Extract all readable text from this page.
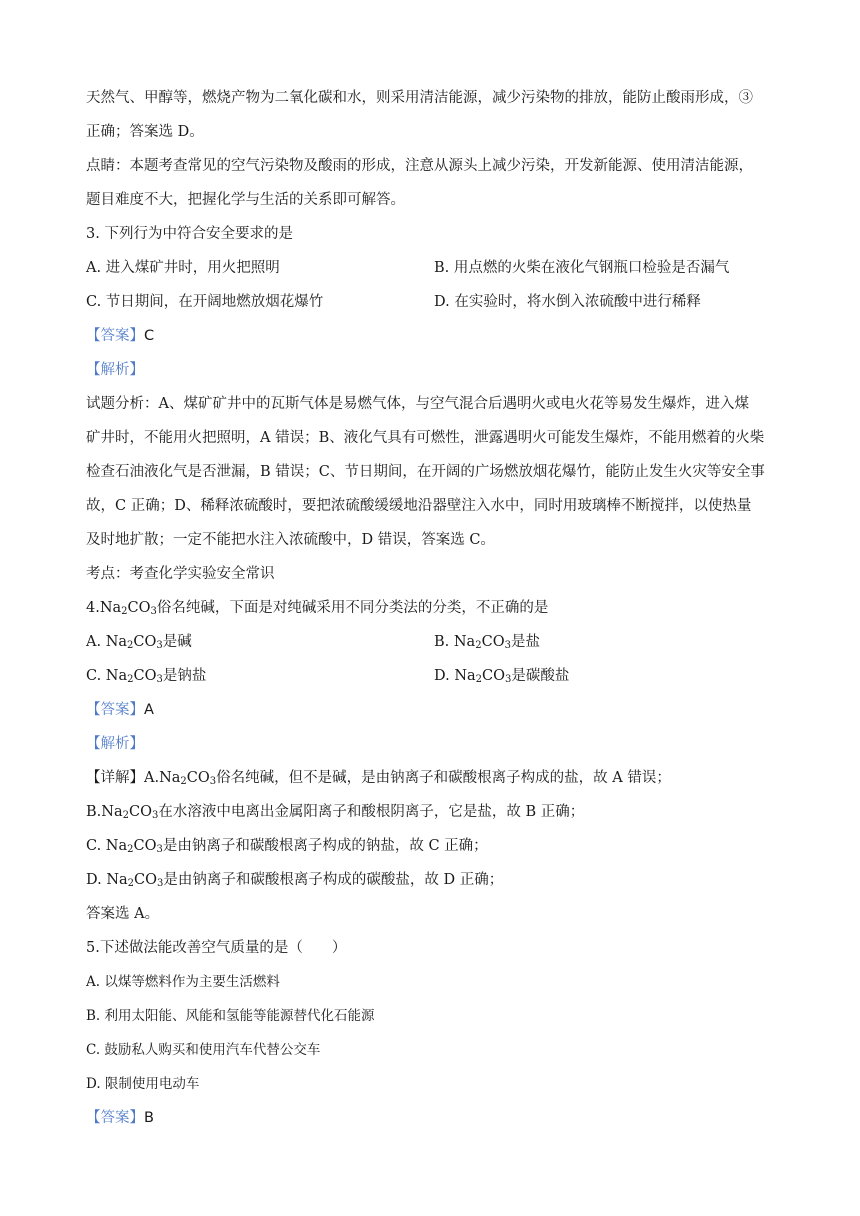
天然气、甲醇等，燃烧产物为二氧化碳和水，则采用清洁能源，减少污染物的排放，能防止酸雨形成，③
正确；答案选 D。
点睛：本题考查常见的空气污染物及酸雨的形成，注意从源头上减少污染，开发新能源、使用清洁能源，
题目难度不大，把握化学与生活的关系即可解答。
3. 下列行为中符合安全要求的是
A. 进入煤矿井时，用火把照明	B. 用点燃的火柴在液化气钢瓶口检验是否漏气
C. 节日期间，在开阔地燃放烟花爆竹	D. 在实验时，将水倒入浓硫酸中进行稀释
【答案】C
【解析】
试题分析：A、煤矿矿井中的瓦斯气体是易燃气体，与空气混合后遇明火或电火花等易发生爆炸，进入煤
矿井时，不能用火把照明，A 错误；B、液化气具有可燃性，泄露遇明火可能发生爆炸，不能用燃着的火柴
检查石油液化气是否泄漏，B 错误；C、节日期间，在开阔的广场燃放烟花爆竹，能防止发生火灾等安全事
故，C 正确；D、稀释浓硫酸时，要把浓硫酸缓缓地沿器壁注入水中，同时用玻璃棒不断搅拌，以使热量
及时地扩散；一定不能把水注入浓硫酸中，D 错误，答案选 C。
考点：考查化学实验安全常识
$4.Na_2CO_3$俗名纯碱，下面是对纯碱采用不同分类法的分类，不正确的是
A. $Na_2CO_3$是碱	B. $Na_2CO_3$是盐
C. $Na_2CO_3$是钠盐	D. $Na_2CO_3$是碳酸盐
【答案】A
【解析】
【详解】$A.Na_2CO_3$俗名纯碱，但不是碱，是由钠离子和碳酸根离子构成的盐，故 A 错误；
$B.Na_2CO_3$在水溶液中电离出金属阳离子和酸根阴离子，它是盐，故 B 正确；
C. $Na_2CO_3$是由钠离子和碳酸根离子构成的钠盐，故 C 正确；
D. $Na_2CO_3$是由钠离子和碳酸根离子构成的碳酸盐，故 D 正确；
答案选 A。
5.下述做法能改善空气质量的是（　　）
A. 以煤等燃料作为主要生活燃料
B. 利用太阳能、风能和氢能等能源替代化石能源
C. 鼓励私人购买和使用汽车代替公交车
D. 限制使用电动车
【答案】B
